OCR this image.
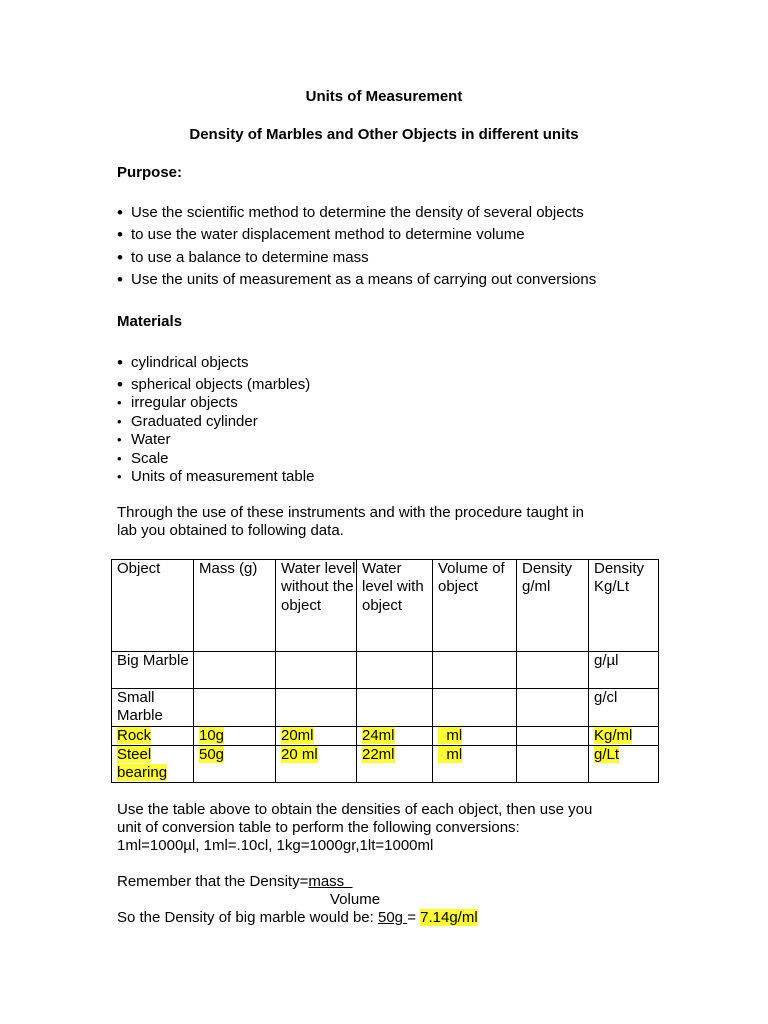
Units of Measurement
Density of Marbles and Other Objects in different units
Purpose:
• Use the scientific method to determine the density of several objects
• to use the water displacement method to determine volume
• to use a balance to determine mass
• Use the units of measurement as a means of carrying out conversions
Materials
• cylindrical objects
• spherical objects (marbles)
• irregular objects
• Graduated cylinder
• Water
• Scale
• Units of measurement table
Through the use of these instruments and with the procedure taught in
lab you obtained to following data.
Object	Mass (g)	Water level without the object	Water level with object	Volume of object	Density g/ml	Density Kg/Lt
Big Marble						g/µl
Small Marble						g/cl
Rock	10g	20ml	24ml	ml		Kg/ml
Steel bearing	50g	20 ml	22ml	ml		g/Lt
Use the table above to obtain the densities of each object, then use you
unit of conversion table to perform the following conversions:
1ml=1000µl, 1ml=.10cl, 1kg=1000gr,1lt=1000ml
Remember that the Density=mass
Volume
So the Density of big marble would be: 50g = 7.14g/ml
